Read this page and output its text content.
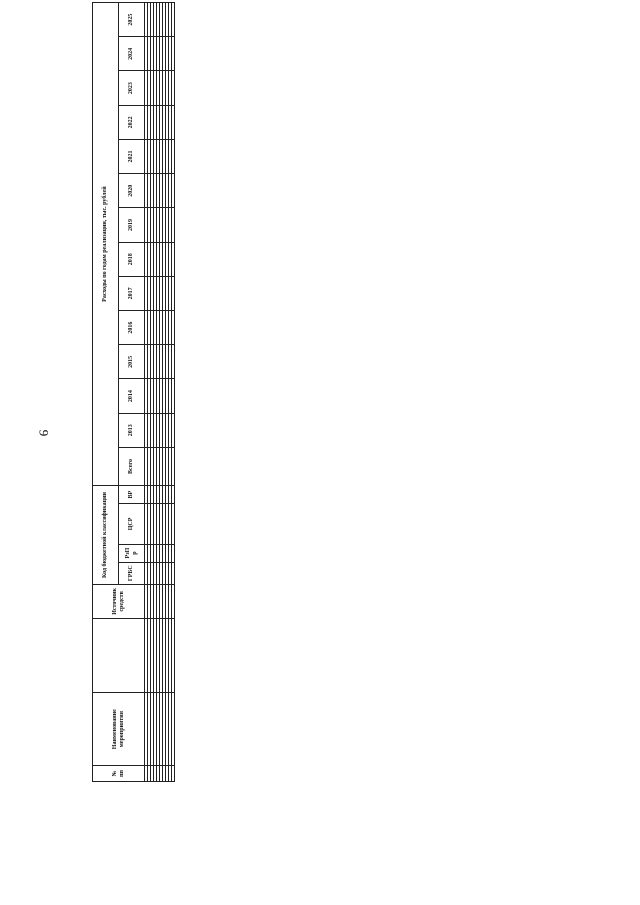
9
№ пп	Наименование мероприятия		Источник средств	Код бюджетной классификации				Расходы по годам реализации, тыс. рублей													
				ГРБС	РзПр	ЦСР	ВР	Всего	2013	2014	2015	2016	2017	2018	2019	2020	2021	2022	2023	2024	2025
